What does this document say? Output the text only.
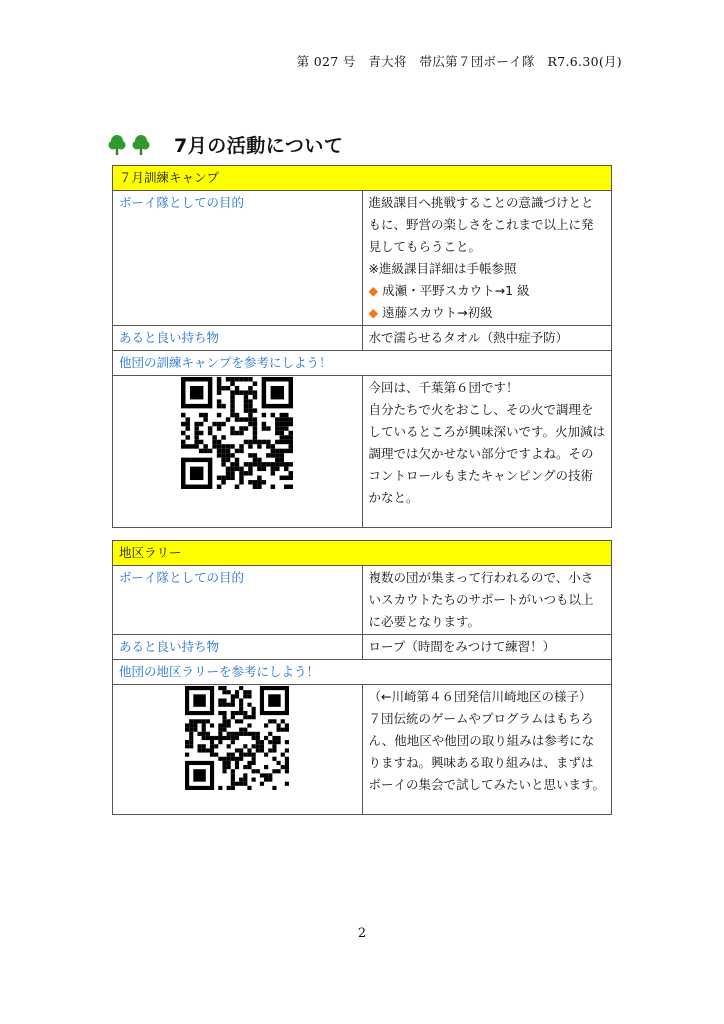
第 027 号　青大将　帯広第７団ボーイ隊　R7.6.30(月)
7月の活動について
７月訓練キャンプ	
ボーイ隊としての目的	進級課目へ挑戦することの意識づけとともに、野営の楽しさをこれまで以上に発見してもらうこと。
※進級課目詳細は手帳参照
◆ 成瀬・平野スカウト→1 級
◆ 遠藤スカウト→初級

あると良い持ち物	水で濡らせるタオル（熱中症予防）
他団の訓練キャンプを参考にしよう！	

今回は、千葉第６団です！
自分たちで火をおこし、その火で調理をしているところが興味深いです。火加減は調理では欠かせない部分ですよね。そのコントロールもまたキャンピングの技術かなと。
地区ラリー	
ボーイ隊としての目的	複数の団が集まって行われるので、小さいスカウトたちのサポートがいつも以上に必要となります。
あると良い持ち物	ロープ（時間をみつけて練習！）
他団の地区ラリーを参考にしよう！	

（←川崎第４６団発信川崎地区の様子）
７団伝統のゲームやプログラムはもちろん、他地区や他団の取り組みは参考になりますね。興味ある取り組みは、まずはボーイの集会で試してみたいと思います。
2
